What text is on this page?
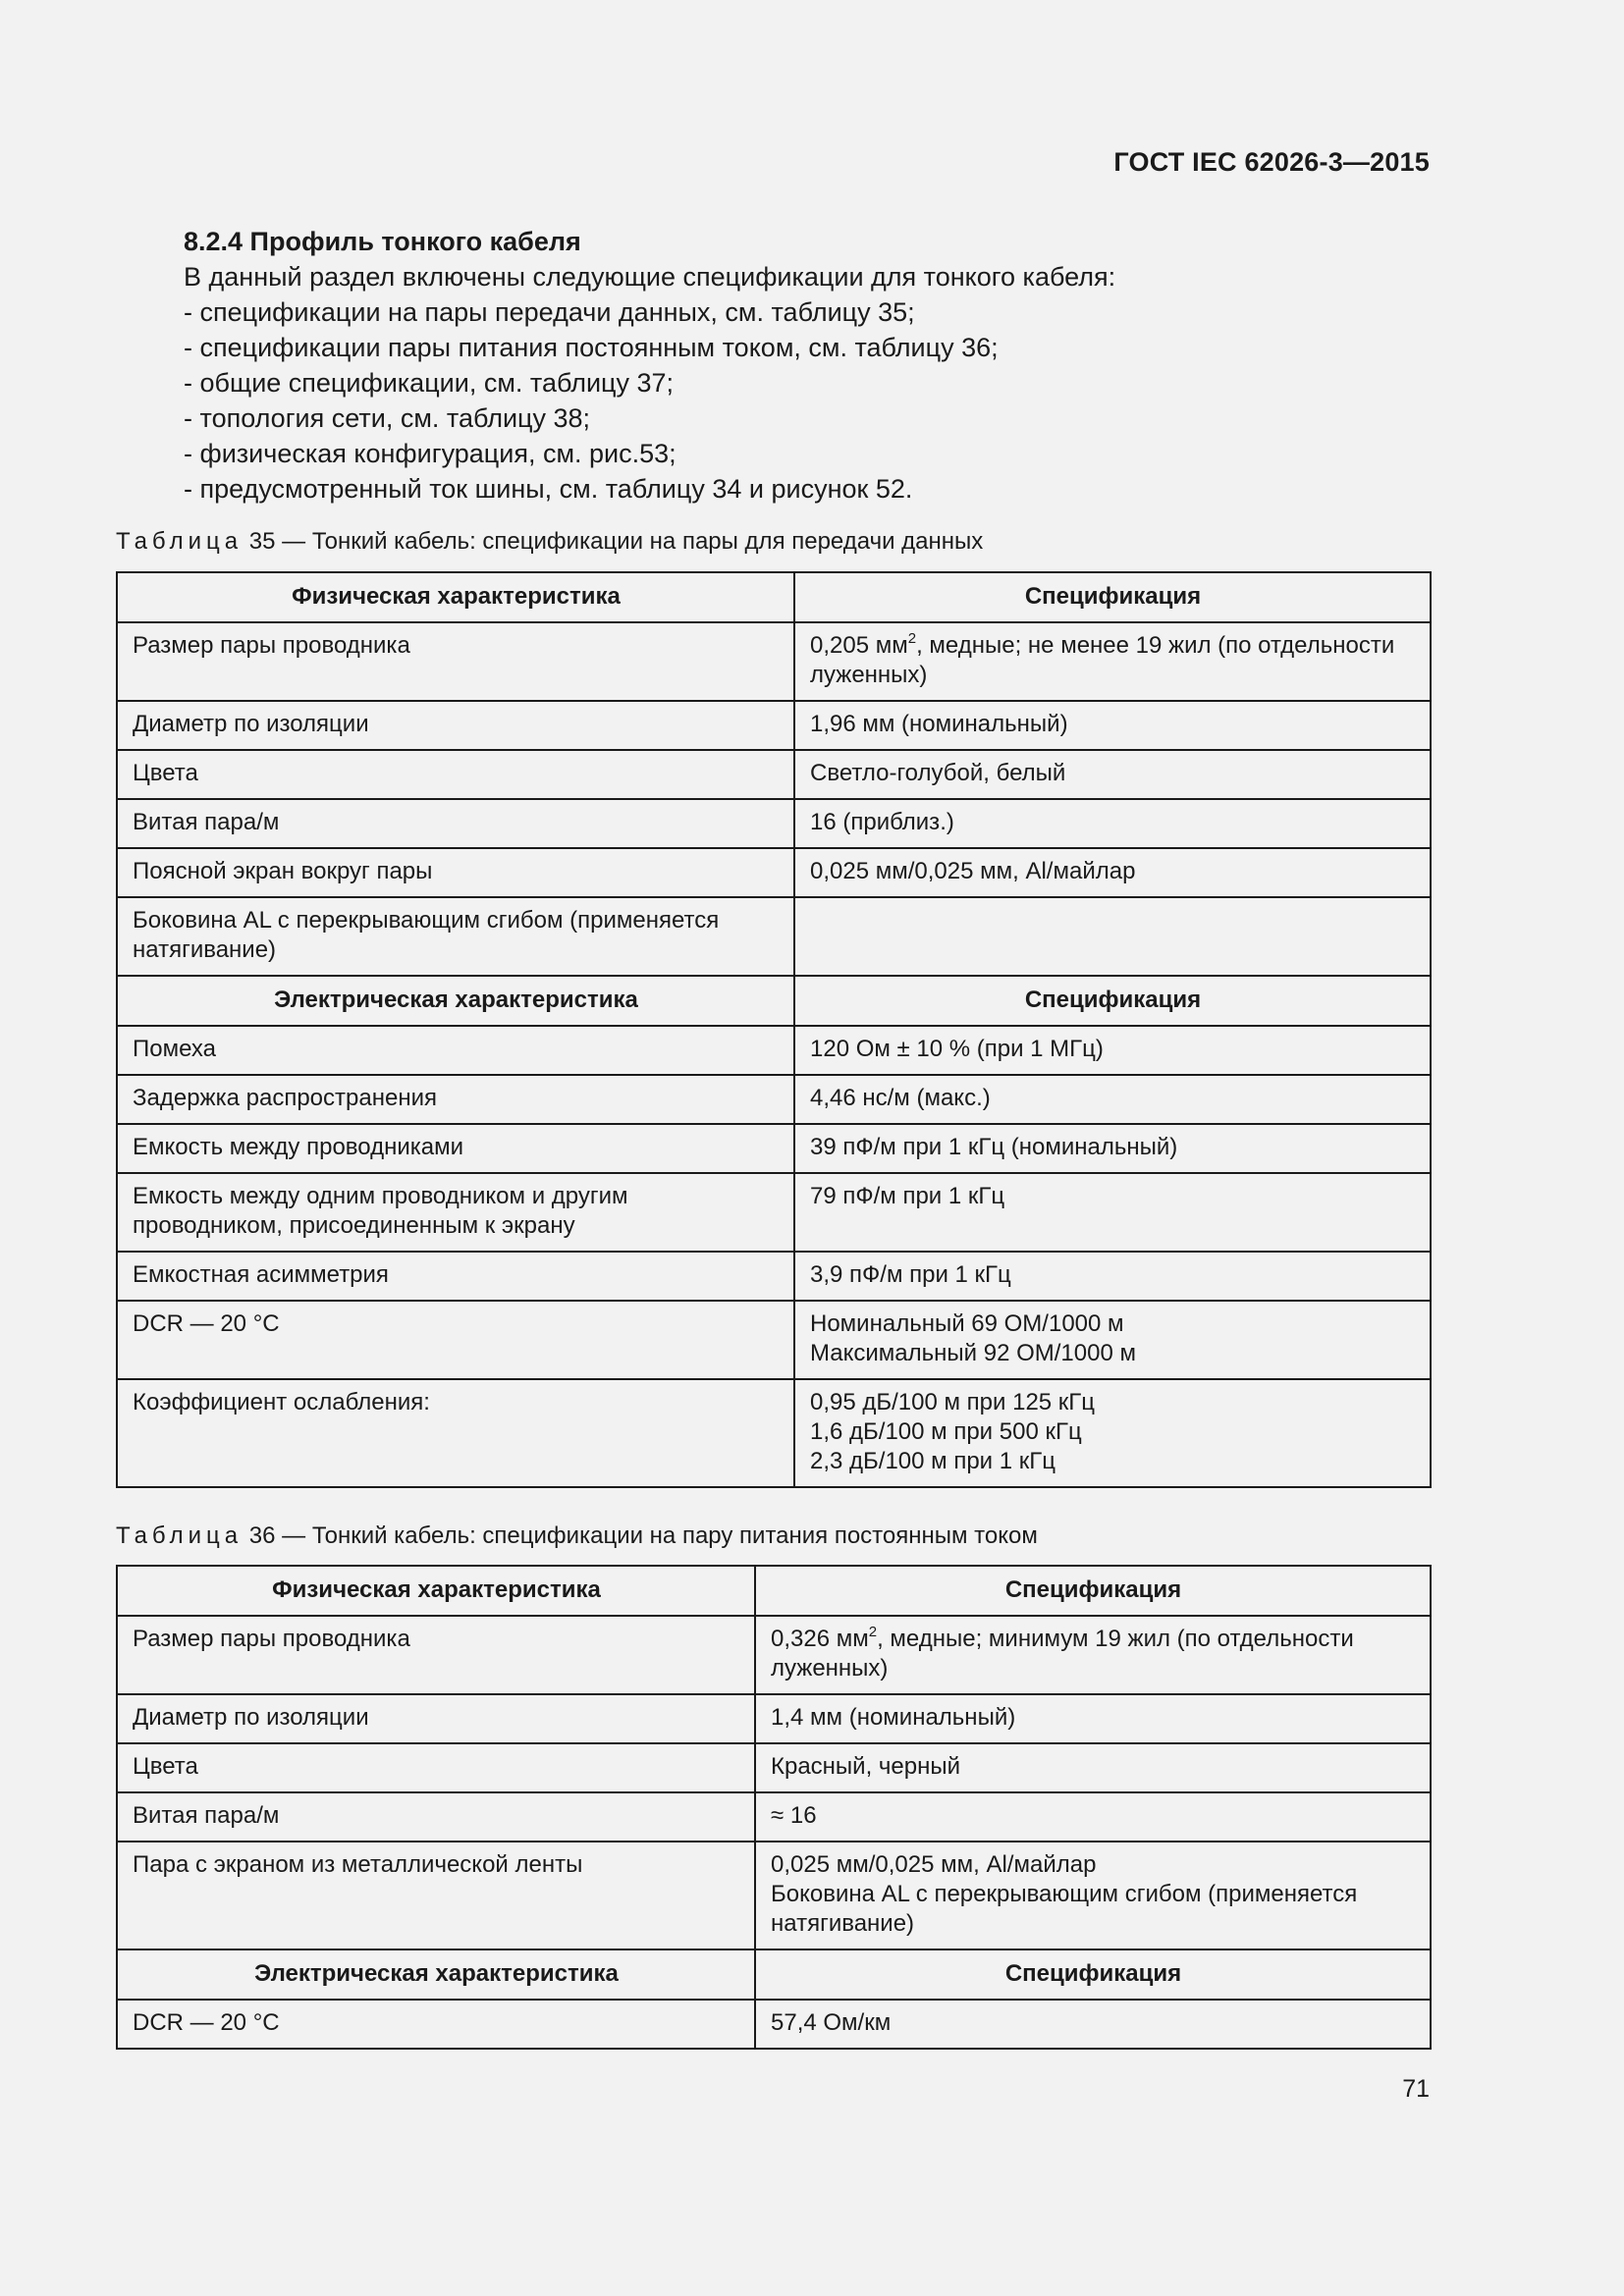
ГОСТ IEC 62026-3—2015
8.2.4 Профиль тонкого кабеля
В данный раздел включены следующие спецификации для тонкого кабеля:
- спецификации на пары передачи данных, см. таблицу 35;
- спецификации пары питания постоянным током, см. таблицу 36;
- общие спецификации, см. таблицу 37;
- топология сети, см. таблицу 38;
- физическая конфигурация, см. рис.53;
- предусмотренный ток шины, см. таблицу 34 и рисунок 52.
Таблица 35 — Тонкий кабель: спецификации на пары для передачи данных
Физическая характеристика	Спецификация
Размер пары проводника	0,205 $мм^2$, медные; не менее 19 жил (по отдельности луженных)
Диаметр по изоляции	1,96 мм (номинальный)
Цвета	Светло-голубой, белый
Витая пара/м	16 (приблиз.)
Поясной экран вокруг пары	0,025 мм/0,025 мм, Al/майлар
Боковина AL с перекрывающим сгибом (применяется натягивание)	
Электрическая характеристика	Спецификация
Помеха	120 Ом ± 10 % (при 1 МГц)
Задержка распространения	4,46 нс/м (макс.)
Емкость между проводниками	39 пФ/м при 1 кГц (номинальный)
Емкость между одним проводником и другим проводником, присоединенным к экрану	79 пФ/м при 1 кГц
Емкостная асимметрия	3,9 пФ/м при 1 кГц
DCR — 20 °C	Номинальный 69 ОМ/1000 м
Максимальный 92 ОМ/1000 м

Коэффициент ослабления:	0,95 дБ/100 м при 125 кГц
1,6 дБ/100 м при 500 кГц
2,3 дБ/100 м при 1 кГц
Таблица 36 — Тонкий кабель: спецификации на пару питания постоянным током
Физическая характеристика	Спецификация
Размер пары проводника	0,326 $мм^2$, медные; минимум 19 жил (по отдельности луженных)
Диаметр по изоляции	1,4 мм (номинальный)
Цвета	Красный, черный
Витая пара/м	≈ 16
Пара с экраном из металлической ленты	0,025 мм/0,025 мм, Al/майлар
Боковина AL с перекрывающим сгибом (применяется натягивание)

Электрическая характеристика	Спецификация
DCR — 20 °C	57,4 Ом/км
71
